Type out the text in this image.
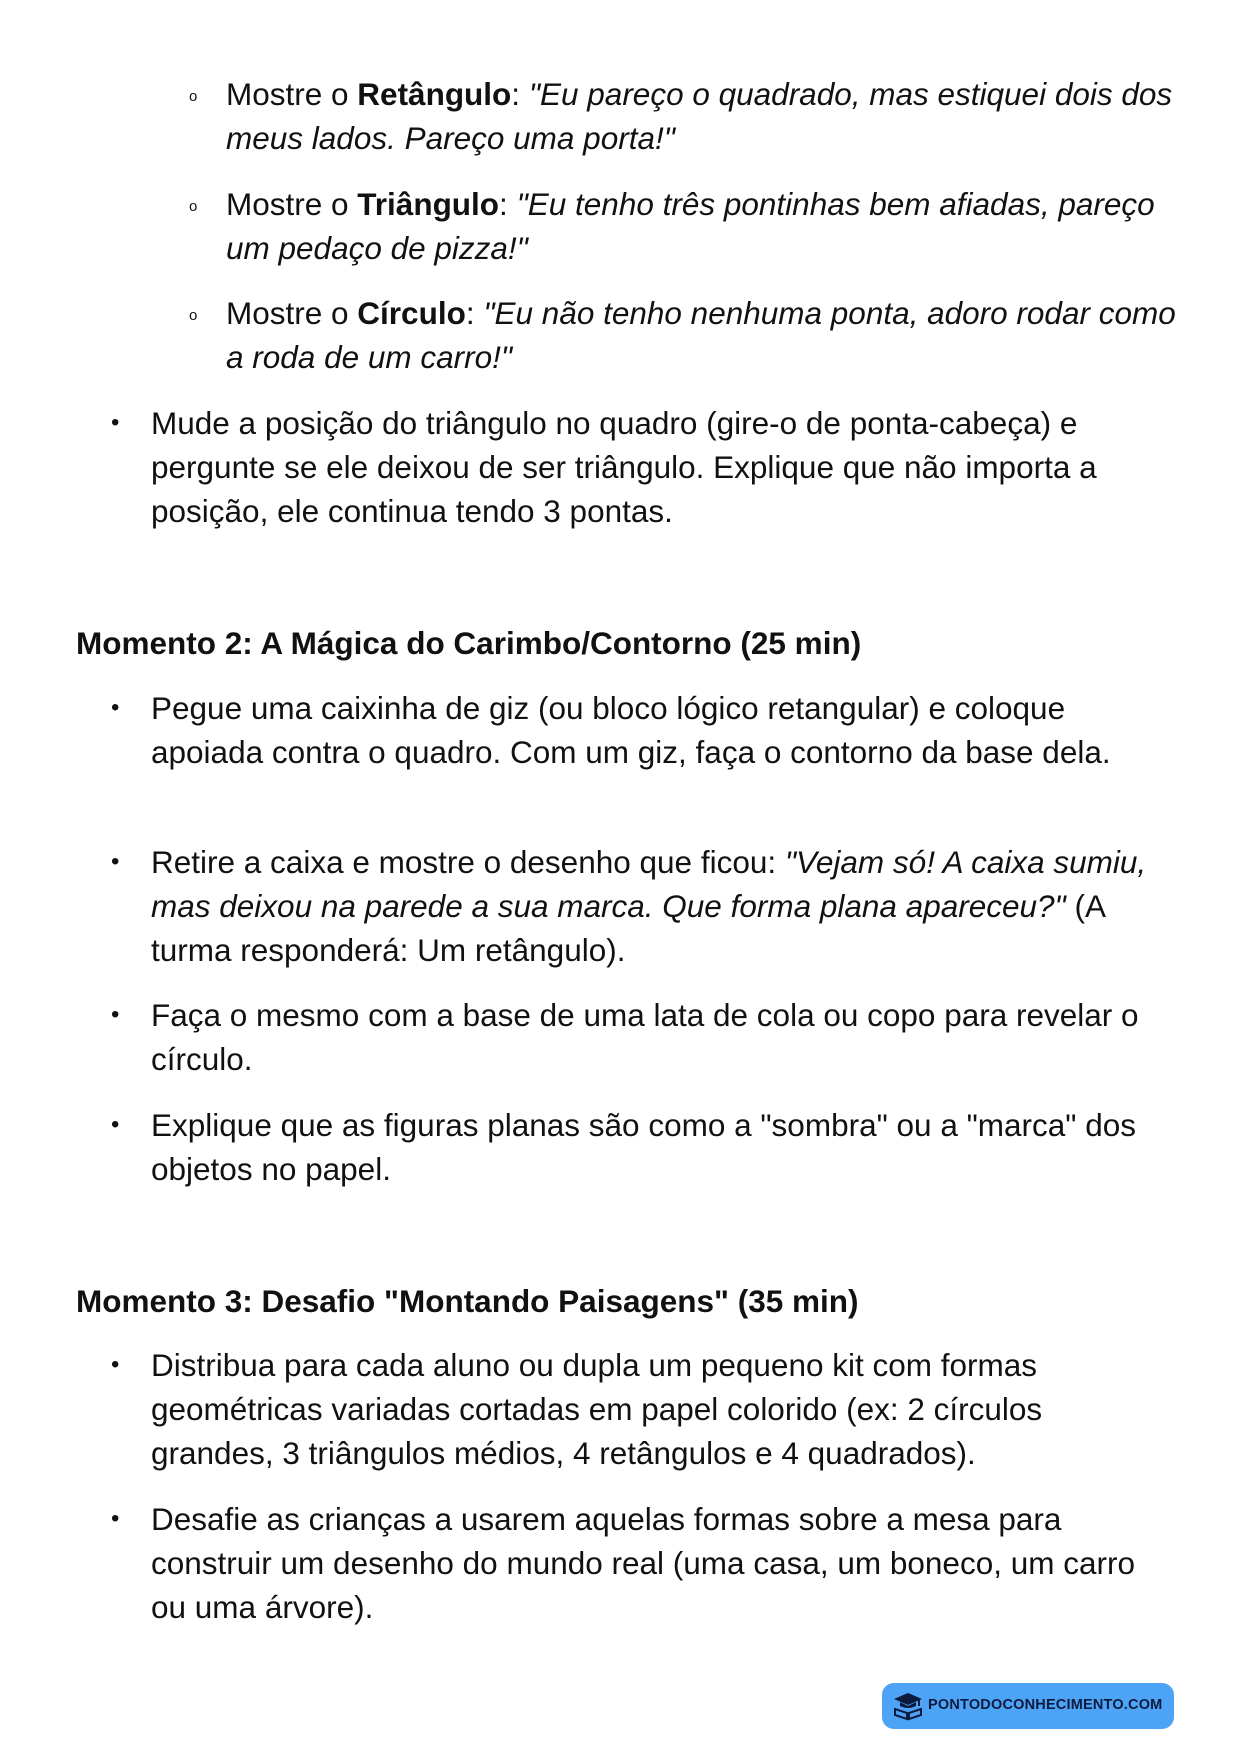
o Mostre o Retângulo: "Eu pareço o quadrado, mas estiquei dois dos meus lados. Pareço uma porta!"
o Mostre o Triângulo: "Eu tenho três pontinhas bem afiadas, pareço um pedaço de pizza!"
o Mostre o Círculo: "Eu não tenho nenhuma ponta, adoro rodar como a roda de um carro!"
• Mude a posição do triângulo no quadro (gire-o de ponta-cabeça) e pergunte se ele deixou de ser triângulo. Explique que não importa a posição, ele continua tendo 3 pontas.
Momento 2: A Mágica do Carimbo/Contorno (25 min)
• Pegue uma caixinha de giz (ou bloco lógico retangular) e coloque apoiada contra o quadro. Com um giz, faça o contorno da base dela.
• Retire a caixa e mostre o desenho que ficou: "Vejam só! A caixa sumiu, mas deixou na parede a sua marca. Que forma plana apareceu?" (A turma responderá: Um retângulo).
• Faça o mesmo com a base de uma lata de cola ou copo para revelar o círculo.
• Explique que as figuras planas são como a "sombra" ou a "marca" dos objetos no papel.
Momento 3: Desafio "Montando Paisagens" (35 min)
• Distribua para cada aluno ou dupla um pequeno kit com formas geométricas variadas cortadas em papel colorido (ex: 2 círculos grandes, 3 triângulos médios, 4 retângulos e 4 quadrados).
• Desafie as crianças a usarem aquelas formas sobre a mesa para construir um desenho do mundo real (uma casa, um boneco, um carro ou uma árvore).
PONTODOCONHECIMENTO.COM
